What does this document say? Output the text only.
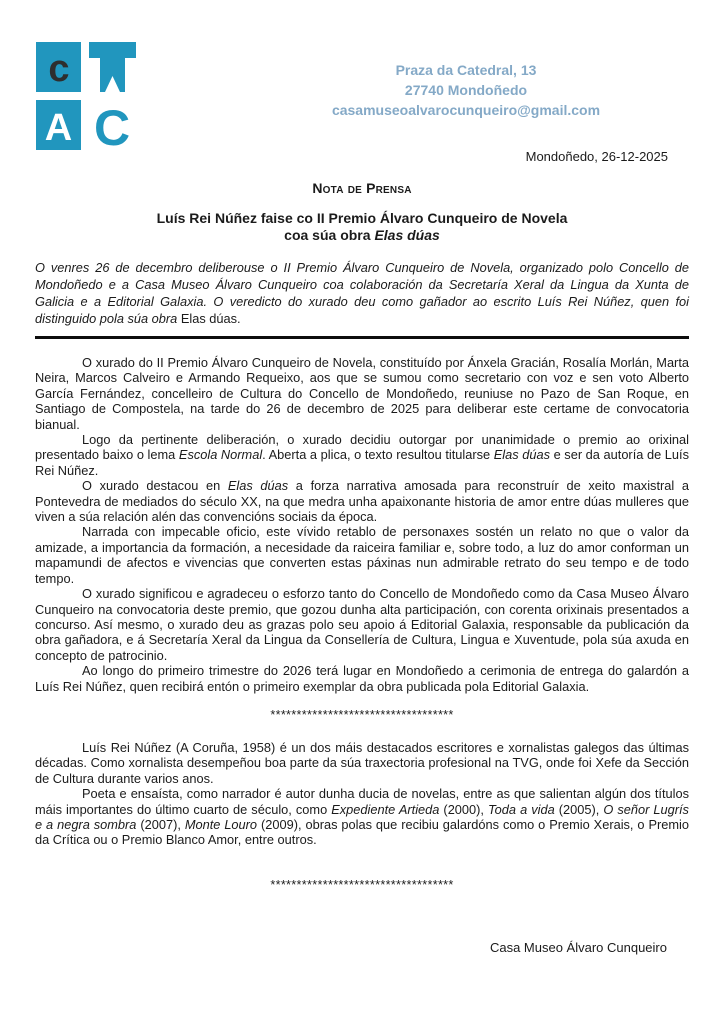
c
A C
Praza da Catedral, 13
27740 Mondoñedo
casamuseoalvarocunqueiro@gmail.com
Mondoñedo, 26-12-2025
Nota de Prensa
Luís Rei Núñez faise co II Premio Álvaro Cunqueiro de Novela
coa súa obra Elas dúas

O venres 26 de decembro deliberouse o II Premio Álvaro Cunqueiro de Novela, organizado polo Concello de Mondoñedo e a Casa Museo Álvaro Cunqueiro coa colaboración da Secretaría Xeral da Lingua da Xunta de Galicia e a Editorial Galaxia. O veredicto do xurado deu como gañador ao escrito Luís Rei Núñez, quen foi distinguido pola súa obra Elas dúas.

O xurado do II Premio Álvaro Cunqueiro de Novela, constituído por Ánxela Gracián, Rosalía Morlán, Marta Neira, Marcos Calveiro e Armando Requeixo, aos que se sumou como secretario con voz e sen voto Alberto García Fernández, concelleiro de Cultura do Concello de Mondoñedo, reuniuse no Pazo de San Roque, en Santiago de Compostela, na tarde do 26 de decembro de 2025 para deliberar este certame de convocatoria bianual.

Logo da pertinente deliberación, o xurado decidiu outorgar por unanimidade o premio ao orixinal presentado baixo o lema Escola Normal. Aberta a plica, o texto resultou titularse Elas dúas e ser da autoría de Luís Rei Núñez.

O xurado destacou en Elas dúas a forza narrativa amosada para reconstruír de xeito maxistral a Pontevedra de mediados do século XX, na que medra unha apaixonante historia de amor entre dúas mulleres que viven a súa relación alén das convencións sociais da época.

Narrada con impecable oficio, este vívido retablo de personaxes sostén un relato no que o valor da amizade, a importancia da formación, a necesidade da raiceira familiar e, sobre todo, a luz do amor conforman un mapamundi de afectos e vivencias que converten estas páxinas nun admirable retrato do seu tempo e de todo tempo.

O xurado significou e agradeceu o esforzo tanto do Concello de Mondoñedo como da Casa Museo Álvaro Cunqueiro na convocatoria deste premio, que gozou dunha alta participación, con corenta orixinais presentados a concurso. Así mesmo, o xurado deu as grazas polo seu apoio á Editorial Galaxia, responsable da publicación da obra gañadora, e á Secretaría Xeral da Lingua da Consellería de Cultura, Lingua e Xuventude, pola súa axuda en concepto de patrocinio.

Ao longo do primeiro trimestre do 2026 terá lugar en Mondoñedo a cerimonia de entrega do galardón a Luís Rei Núñez, quen recibirá entón o primeiro exemplar da obra publicada pola Editorial Galaxia.

***********************************

Luís Rei Núñez (A Coruña, 1958) é un dos máis destacados escritores e xornalistas galegos das últimas décadas. Como xornalista desempeñou boa parte da súa traxectoria profesional na TVG, onde foi Xefe da Sección de Cultura durante varios anos.

Poeta e ensaísta, como narrador é autor dunha ducia de novelas, entre as que salientan algún dos títulos máis importantes do último cuarto de século, como Expediente Artieda (2000), Toda a vida (2005), O señor Lugrís e a negra sombra (2007), Monte Louro (2009), obras polas que recibiu galardóns como o Premio Xerais, o Premio da Crítica ou o Premio Blanco Amor, entre outros.

***********************************
Casa Museo Álvaro Cunqueiro
